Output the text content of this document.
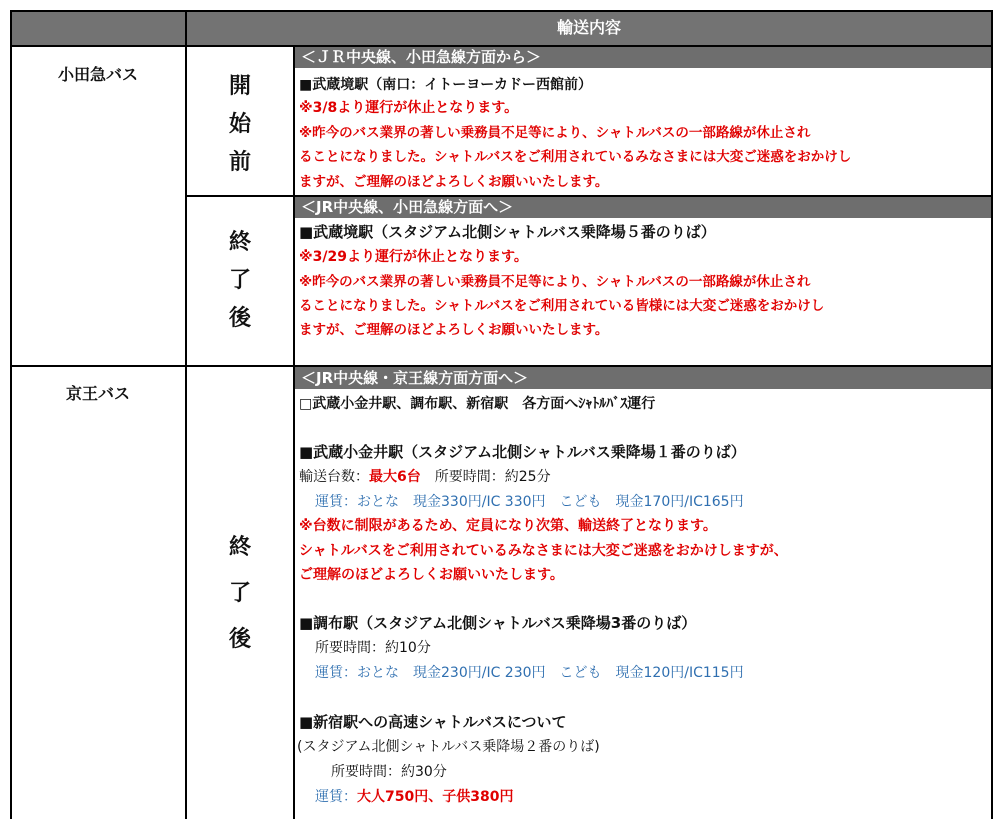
輸送内容
小田急バス	開
始
前
＜ＪＲ中央線、小田急線方面から＞
■武蔵境駅（南口：イトーヨーカドー西館前）
※3/8より運行が休止となります。
※昨今のバス業界の著しい乗務員不足等により、シャトルバスの一部路線が休止され
ることになりました。シャトルバスをご利用されているみなさまには大変ご迷惑をおかけし
ますが、ご理解のほどよろしくお願いいたします。
終
了
後
＜JR中央線、小田急線方面へ＞
■武蔵境駅（スタジアム北側シャトルバス乗降場５番のりば）
※3/29より運行が休止となります。
※昨今のバス業界の著しい乗務員不足等により、シャトルバスの一部路線が休止され
ることになりました。シャトルバスをご利用されている皆様には大変ご迷惑をおかけし
ますが、ご理解のほどよろしくお願いいたします。
京王バス
終
了
後
＜JR中央線・京王線方面方面へ＞
□武蔵小金井駅、調布駅、新宿駅　各方面へｼｬﾄﾙﾊﾞｽ運行
■武蔵小金井駅（スタジアム北側シャトルバス乗降場１番のりば）
輸送台数：最大6台　所要時間：約25分
運賃：おとな　現金330円/IC 330円　こども　現金170円/IC165円
※台数に制限があるため、定員になり次第、輸送終了となります。
シャトルバスをご利用されているみなさまには大変ご迷惑をおかけしますが、
ご理解のほどよろしくお願いいたします。
■調布駅（スタジアム北側シャトルバス乗降場3番のりば）
所要時間：約10分
運賃：おとな　現金230円/IC 230円　こども　現金120円/IC115円
■新宿駅への高速シャトルバスについて
(スタジアム北側シャトルバス乗降場２番のりば)
所要時間：約30分
運賃：大人750円、子供380円
